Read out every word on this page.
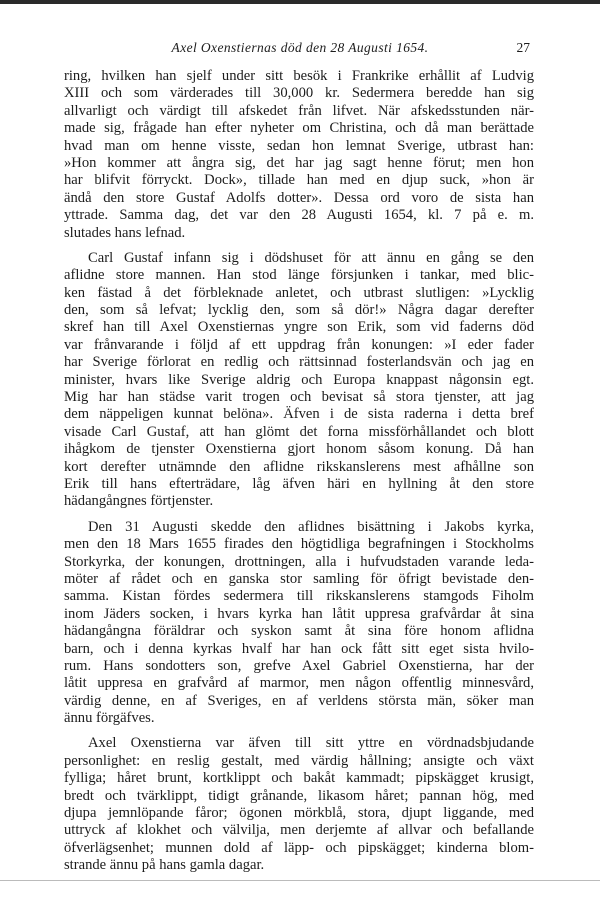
Axel Oxenstiernas död den 28 Augusti 1654.	27
ring, hvilken han sjelf under sitt besök i Frankrike erhållit af Ludvig
XIII och som värderades till 30,000 kr. Sedermera beredde han sig
allvarligt och värdigt till afskedet från lifvet. När afskedsstunden när-
made sig, frågade han efter nyheter om Christina, och då man berättade
hvad man om henne visste, sedan hon lemnat Sverige, utbrast han:
»Hon kommer att ångra sig, det har jag sagt henne förut; men hon
har blifvit förryckt. Dock», tillade han med en djup suck, »hon är
ändå den store Gustaf Adolfs dotter». Dessa ord voro de sista han
yttrade. Samma dag, det var den 28 Augusti 1654, kl. 7 på e. m.
slutades hans lefnad.
Carl Gustaf infann sig i dödshuset för att ännu en gång se den
aflidne store mannen. Han stod länge försjunken i tankar, med blic-
ken fästad å det förbleknade anletet, och utbrast slutligen: »Lycklig
den, som så lefvat; lycklig den, som så dör!» Några dagar derefter
skref han till Axel Oxenstiernas yngre son Erik, som vid faderns död
var frånvarande i följd af ett uppdrag från konungen: »I eder fader
har Sverige förlorat en redlig och rättsinnad fosterlandsvän och jag en
minister, hvars like Sverige aldrig och Europa knappast någonsin egt.
Mig har han städse varit trogen och bevisat så stora tjenster, att jag
dem näppeligen kunnat belöna». Äfven i de sista raderna i detta bref
visade Carl Gustaf, att han glömt det forna missförhållandet och blott
ihågkom de tjenster Oxenstierna gjort honom såsom konung. Då han
kort derefter utnämnde den aflidne rikskanslerens mest afhållne son
Erik till hans efterträdare, låg äfven häri en hyllning åt den store
hädangångnes förtjenster.
Den 31 Augusti skedde den aflidnes bisättning i Jakobs kyrka,
men den 18 Mars 1655 firades den högtidliga begrafningen i Stockholms
Storkyrka, der konungen, drottningen, alla i hufvudstaden varande leda-
möter af rådet och en ganska stor samling för öfrigt bevistade den-
samma. Kistan fördes sedermera till rikskanslerens stamgods Fiholm
inom Jäders socken, i hvars kyrka han låtit uppresa grafvårdar åt sina
hädangångna föräldrar och syskon samt åt sina före honom aflidna
barn, och i denna kyrkas hvalf har han ock fått sitt eget sista hvilo-
rum. Hans sondotters son, grefve Axel Gabriel Oxenstierna, har der
låtit uppresa en grafvård af marmor, men någon offentlig minnesvård,
värdig denne, en af Sveriges, en af verldens största män, söker man
ännu förgäfves.
Axel Oxenstierna var äfven till sitt yttre en vördnadsbjudande
personlighet: en reslig gestalt, med värdig hållning; ansigte och växt
fylliga; håret brunt, kortklippt och bakåt kammadt; pipskägget krusigt,
bredt och tvärklippt, tidigt grånande, likasom håret; pannan hög, med
djupa jemnlöpande fåror; ögonen mörkblå, stora, djupt liggande, med
uttryck af klokhet och välvilja, men derjemte af allvar och befallande
öfverlägsenhet; munnen dold af läpp- och pipskägget; kinderna blom-
strande ännu på hans gamla dagar.
